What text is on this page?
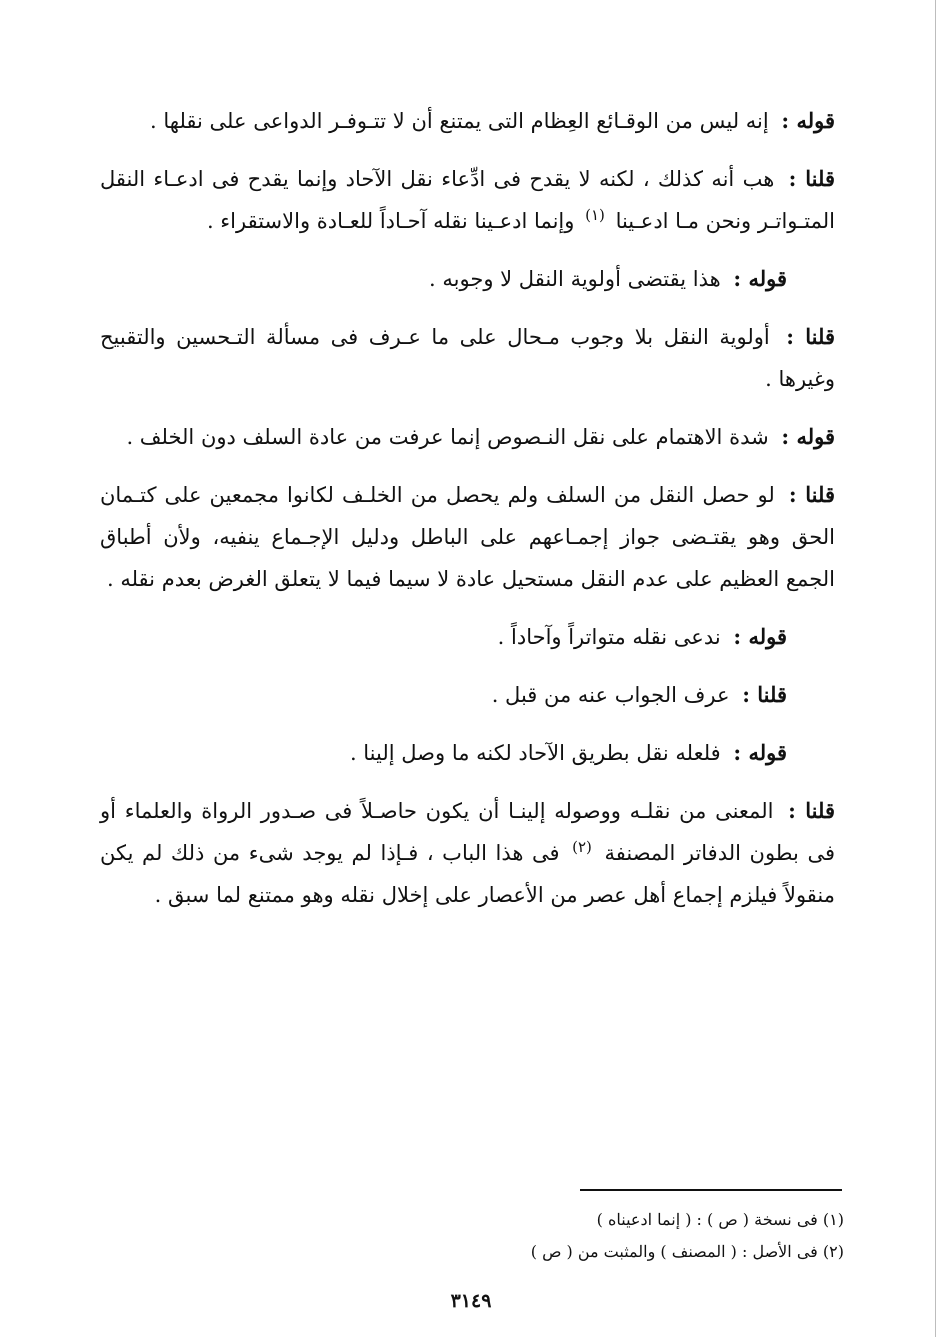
قوله : إنه ليس من الوقـائع العِظام التى يمتنع أن لا تتـوفـر الدواعى على نقلها .

قلنا : هب أنه كذلك ، لكنه لا يقدح فى ادِّعاء نقل الآحاد وإنما يقدح فى ادعـاء النقل المتـواتـر ونحن مـا ادعـينا $^{(١)}$ وإنما ادعـينا نقله آحـاداً للعـادة والاستقراء .

قوله : هذا يقتضى أولوية النقل لا وجوبه .

قلنا : أولوية النقل بلا وجوب مـحال على ما عـرف فى مسألة التـحسين والتقبيح وغيرها .

قوله : شدة الاهتمام على نقل النـصوص إنما عرفت من عادة السلف دون الخلف .

قلنا : لو حصل النقل من السلف ولم يحصل من الخلـف لكانوا مجمعين على كتـمان الحق وهو يقتـضى جواز إجمـاعهم على الباطل ودليل الإجـماع ينفيه، ولأن أطباق الجمع العظيم على عدم النقل مستحيل عادة لا سيما فيما لا يتعلق الغرض بعدم نقله .

قوله : ندعى نقله متواتراً وآحاداً .

قلنا : عرف الجواب عنه من قبل .

قوله : فلعله نقل بطريق الآحاد لكنه ما وصل إلينا .

قلنا : المعنى من نقلـه ووصوله إلينـا أن يكون حاصـلاً فى صـدور الرواة والعلماء أو فى بطون الدفاتر المصنفة $^{(٢)}$ فى هذا الباب ، فـإذا لم يوجد شىء من ذلك لم يكن منقولاً فيلزم إجماع أهل عصر من الأعصار على إخلال نقله وهو ممتنع لما سبق .

(١) فى نسخة ( ص ) : ( إنما ادعيناه )

(٢) فى الأصل : ( المصنف ) والمثبت من ( ص )

٣١٤٩
